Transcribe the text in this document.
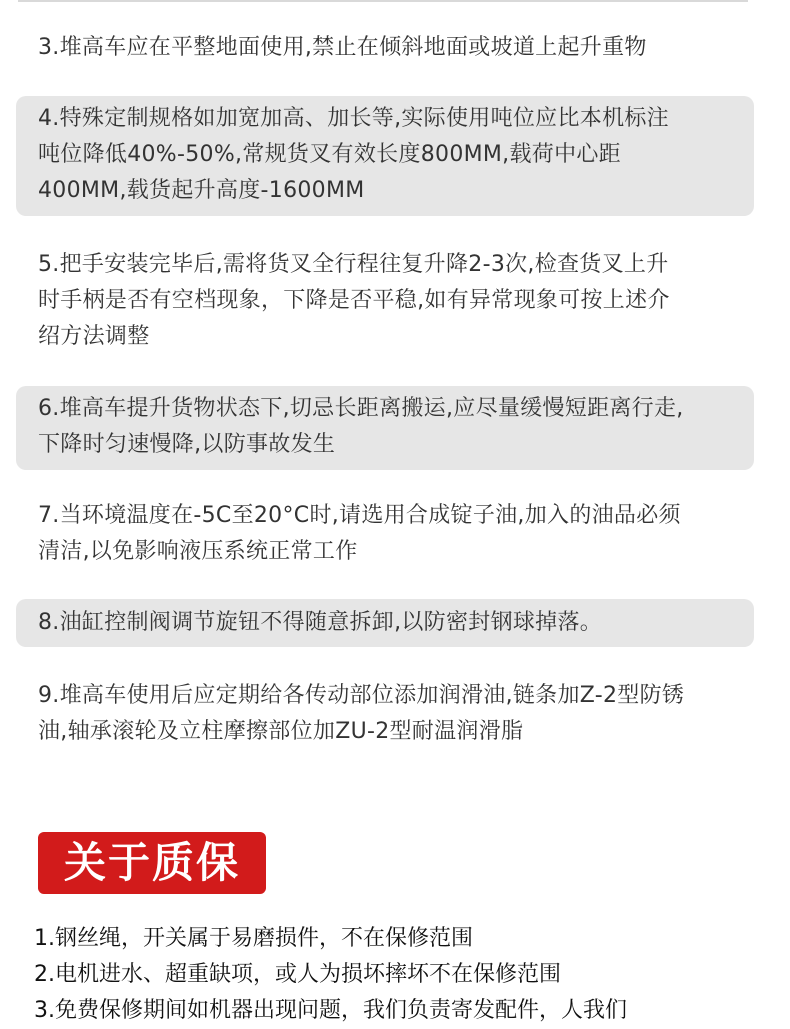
3.堆高车应在平整地面使用,禁止在倾斜地面或坡道上起升重物
4.特殊定制规格如加宽加高、加长等,实际使用吨位应比本机标注
吨位降低40%-50%,常规货叉有效长度800MM,载荷中心距
400MM,载货起升高度-1600MM
5.把手安装完毕后,需将货叉全行程往复升降2-3次,检查货叉上升
时手柄是否有空档现象，下降是否平稳,如有异常现象可按上述介
绍方法调整
6.堆高车提升货物状态下,切忌长距离搬运,应尽量缓慢短距离行走,
下降时匀速慢降,以防事故发生
7.当环境温度在-5C至20°C时,请选用合成锭子油,加入的油品必须
清洁,以免影响液压系统正常工作
8.油缸控制阀调节旋钮不得随意拆卸,以防密封钢球掉落。
9.堆高车使用后应定期给各传动部位添加润滑油,链条加Z-2型防锈
油,轴承滚轮及立柱摩擦部位加ZU-2型耐温润滑脂
关于质保
1.钢丝绳，开关属于易磨损件，不在保修范围
2.电机进水、超重缺项，或人为损坏摔坏不在保修范围
3.免费保修期间如机器出现问题，我们负责寄发配件，人我们
